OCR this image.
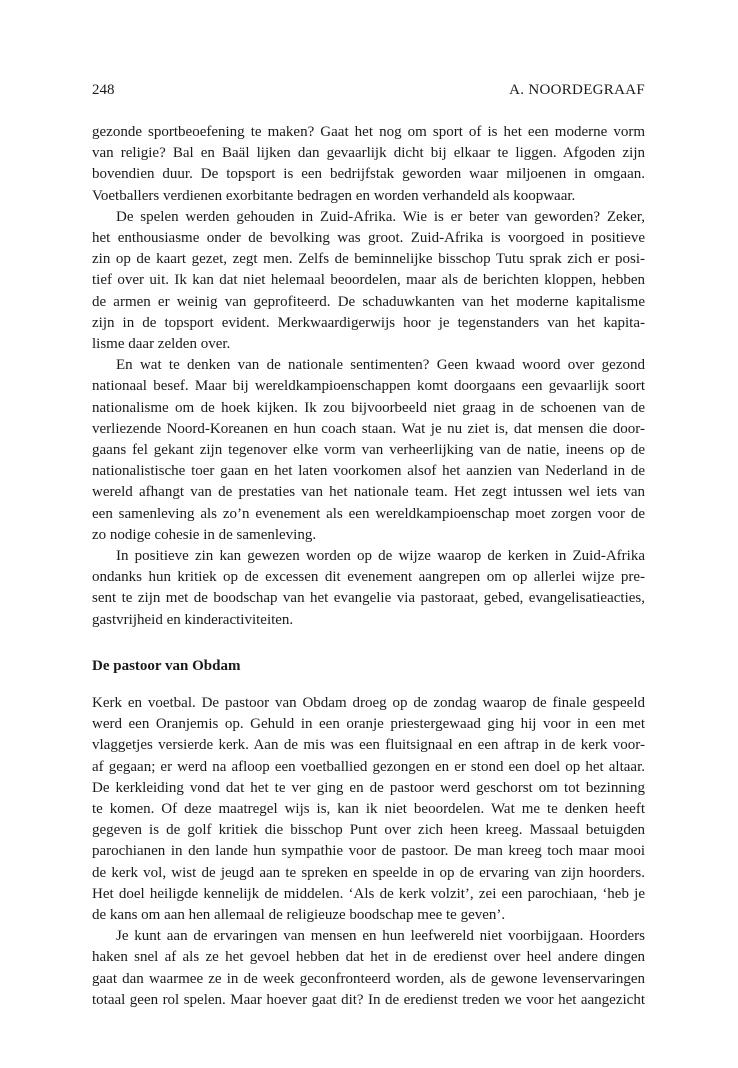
248	A. NOORDEGRAAF
gezonde sportbeoefening te maken? Gaat het nog om sport of is het een moderne vorm
van religie? Bal en Baäl lijken dan gevaarlijk dicht bij elkaar te liggen. Afgoden zijn
bovendien duur. De topsport is een bedrijfstak geworden waar miljoenen in omgaan.
Voetballers verdienen exorbitante bedragen en worden verhandeld als koopwaar.
De spelen werden gehouden in Zuid-Afrika. Wie is er beter van geworden? Zeker,
het enthousiasme onder de bevolking was groot. Zuid-Afrika is voorgoed in positieve
zin op de kaart gezet, zegt men. Zelfs de beminnelijke bisschop Tutu sprak zich er posi-
tief over uit. Ik kan dat niet helemaal beoordelen, maar als de berichten kloppen, hebben
de armen er weinig van geprofiteerd. De schaduwkanten van het moderne kapitalisme
zijn in de topsport evident. Merkwaardigerwijs hoor je tegenstanders van het kapita-
lisme daar zelden over.
En wat te denken van de nationale sentimenten? Geen kwaad woord over gezond
nationaal besef. Maar bij wereldkampioenschappen komt doorgaans een gevaarlijk soort
nationalisme om de hoek kijken. Ik zou bijvoorbeeld niet graag in de schoenen van de
verliezende Noord-Koreanen en hun coach staan. Wat je nu ziet is, dat mensen die door-
gaans fel gekant zijn tegenover elke vorm van verheerlijking van de natie, ineens op de
nationalistische toer gaan en het laten voorkomen alsof het aanzien van Nederland in de
wereld afhangt van de prestaties van het nationale team. Het zegt intussen wel iets van
een samenleving als zo’n evenement als een wereldkampioenschap moet zorgen voor de
zo nodige cohesie in de samenleving.
In positieve zin kan gewezen worden op de wijze waarop de kerken in Zuid-Afrika
ondanks hun kritiek op de excessen dit evenement aangrepen om op allerlei wijze pre-
sent te zijn met de boodschap van het evangelie via pastoraat, gebed, evangelisatieacties,
gastvrijheid en kinderactiviteiten.
De pastoor van Obdam
Kerk en voetbal. De pastoor van Obdam droeg op de zondag waarop de finale gespeeld
werd een Oranjemis op. Gehuld in een oranje priestergewaad ging hij voor in een met
vlaggetjes versierde kerk. Aan de mis was een fluitsignaal en een aftrap in de kerk voor-
af gegaan; er werd na afloop een voetballied gezongen en er stond een doel op het altaar.
De kerkleiding vond dat het te ver ging en de pastoor werd geschorst om tot bezinning
te komen. Of deze maatregel wijs is, kan ik niet beoordelen. Wat me te denken heeft
gegeven is de golf kritiek die bisschop Punt over zich heen kreeg. Massaal betuigden
parochianen in den lande hun sympathie voor de pastoor. De man kreeg toch maar mooi
de kerk vol, wist de jeugd aan te spreken en speelde in op de ervaring van zijn hoorders.
Het doel heiligde kennelijk de middelen. ‘Als de kerk volzit’, zei een parochiaan, ‘heb je
de kans om aan hen allemaal de religieuze boodschap mee te geven’.
Je kunt aan de ervaringen van mensen en hun leefwereld niet voorbijgaan. Hoorders
haken snel af als ze het gevoel hebben dat het in de eredienst over heel andere dingen
gaat dan waarmee ze in de week geconfronteerd worden, als de gewone levenservaringen
totaal geen rol spelen. Maar hoever gaat dit? In de eredienst treden we voor het aangezicht
